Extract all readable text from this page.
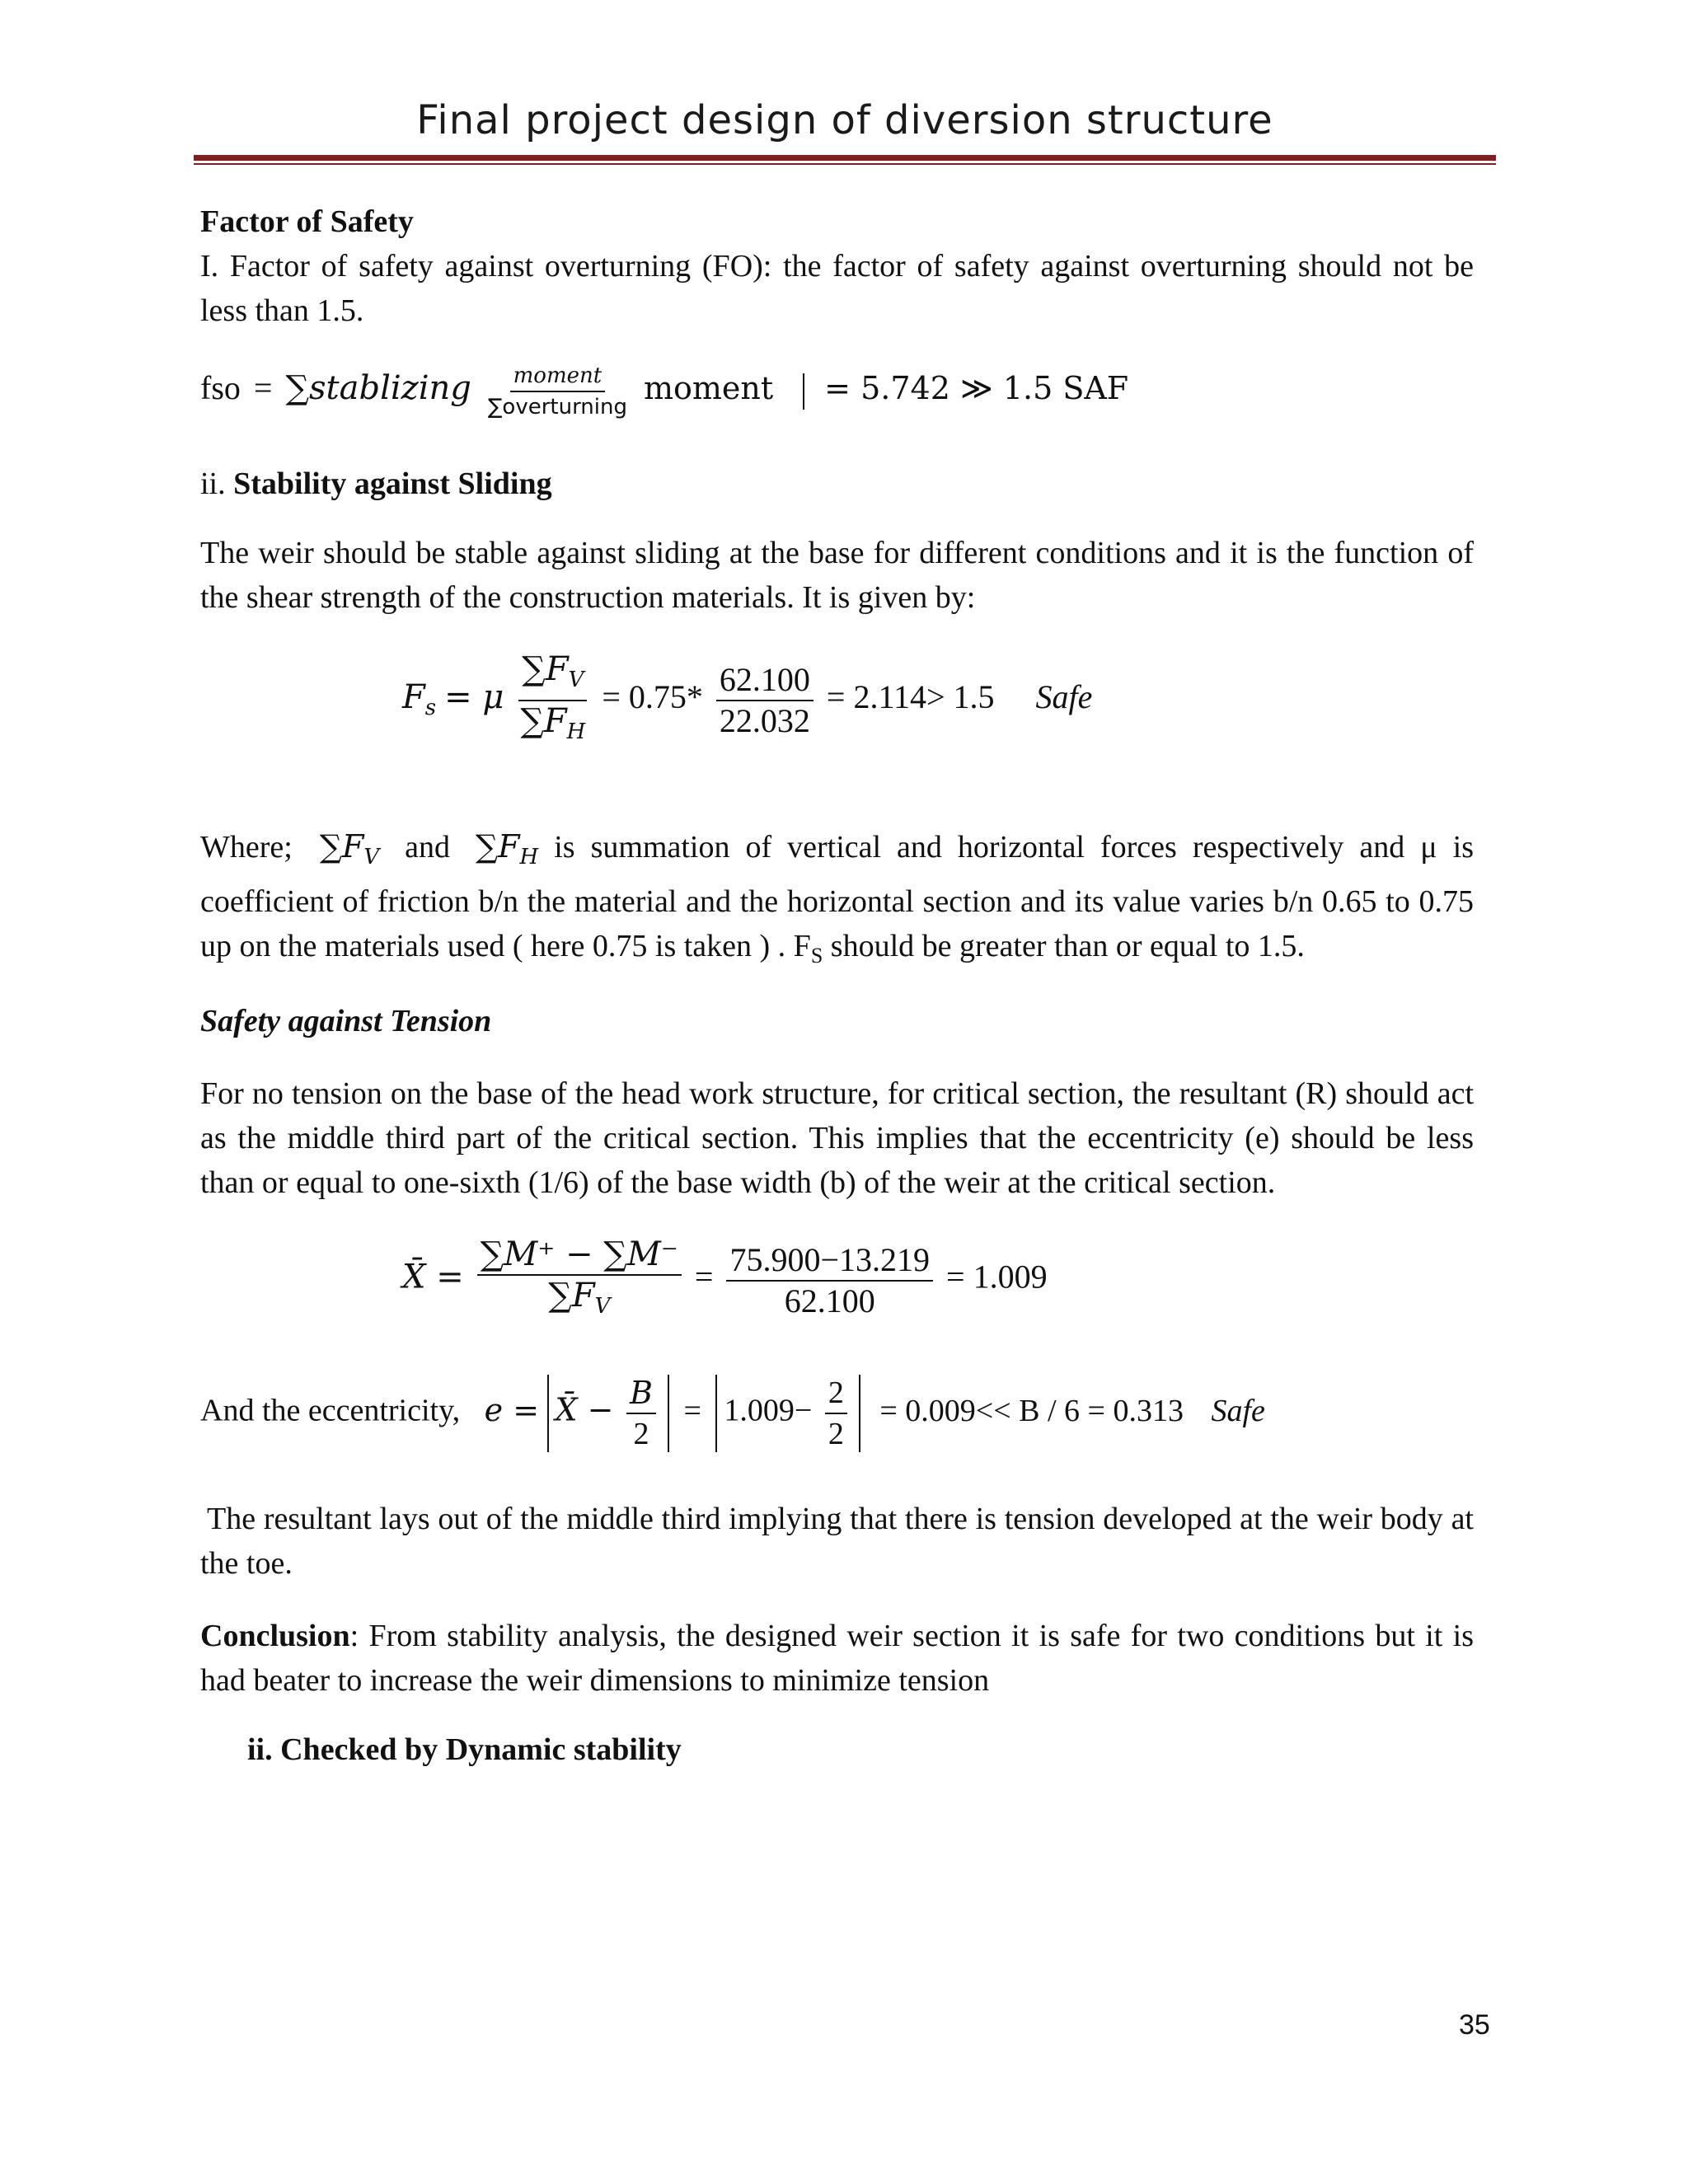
Final project design of diversion structure
Factor of Safety
I. Factor of safety against overturning (FO): the factor of safety against overturning should not be less than 1.5.
fso = ∑stablizing $\frac{\text{moment}}{\text{∑overturning}}$ moment = 5.742 ≫ 1.5 SAF
ii. Stability against Sliding
The weir should be stable against sliding at the base for different conditions and it is the function of the shear strength of the construction materials. It is given by:
$F_s = \mu \frac{\sum F_V}{\sum F_H} = 0.75* \frac{62.100}{22.032} = 2.114> 1.5$ Safe
Where; $\sum F_V$ and $\sum F_H$ is summation of vertical and horizontal forces respectively and μ is coefficient of friction b/n the material and the horizontal section and its value varies b/n 0.65 to 0.75 up on the materials used ( here 0.75 is taken ) . $F_S$ should be greater than or equal to 1.5.
Safety against Tension
For no tension on the base of the head work structure, for critical section, the resultant (R) should act as the middle third part of the critical section. This implies that the eccentricity (e) should be less than or equal to one-sixth (1/6) of the base width (b) of the weir at the critical section.
X̄ = $\frac{\sum M^+ - \sum M^-}{\sum F_V} = \frac{75.900-13.219}{62.100} = 1.009$
And the eccentricity, e = X̄ − $\frac{B}{2} = 1.009- \frac{2}{2} = 0.009<< B / 6 = 0.313$ Safe
The resultant lays out of the middle third implying that there is tension developed at the weir body at the toe.
Conclusion: From stability analysis, the designed weir section it is safe for two conditions but it is had beater to increase the weir dimensions to minimize tension
ii. Checked by Dynamic stability
35
